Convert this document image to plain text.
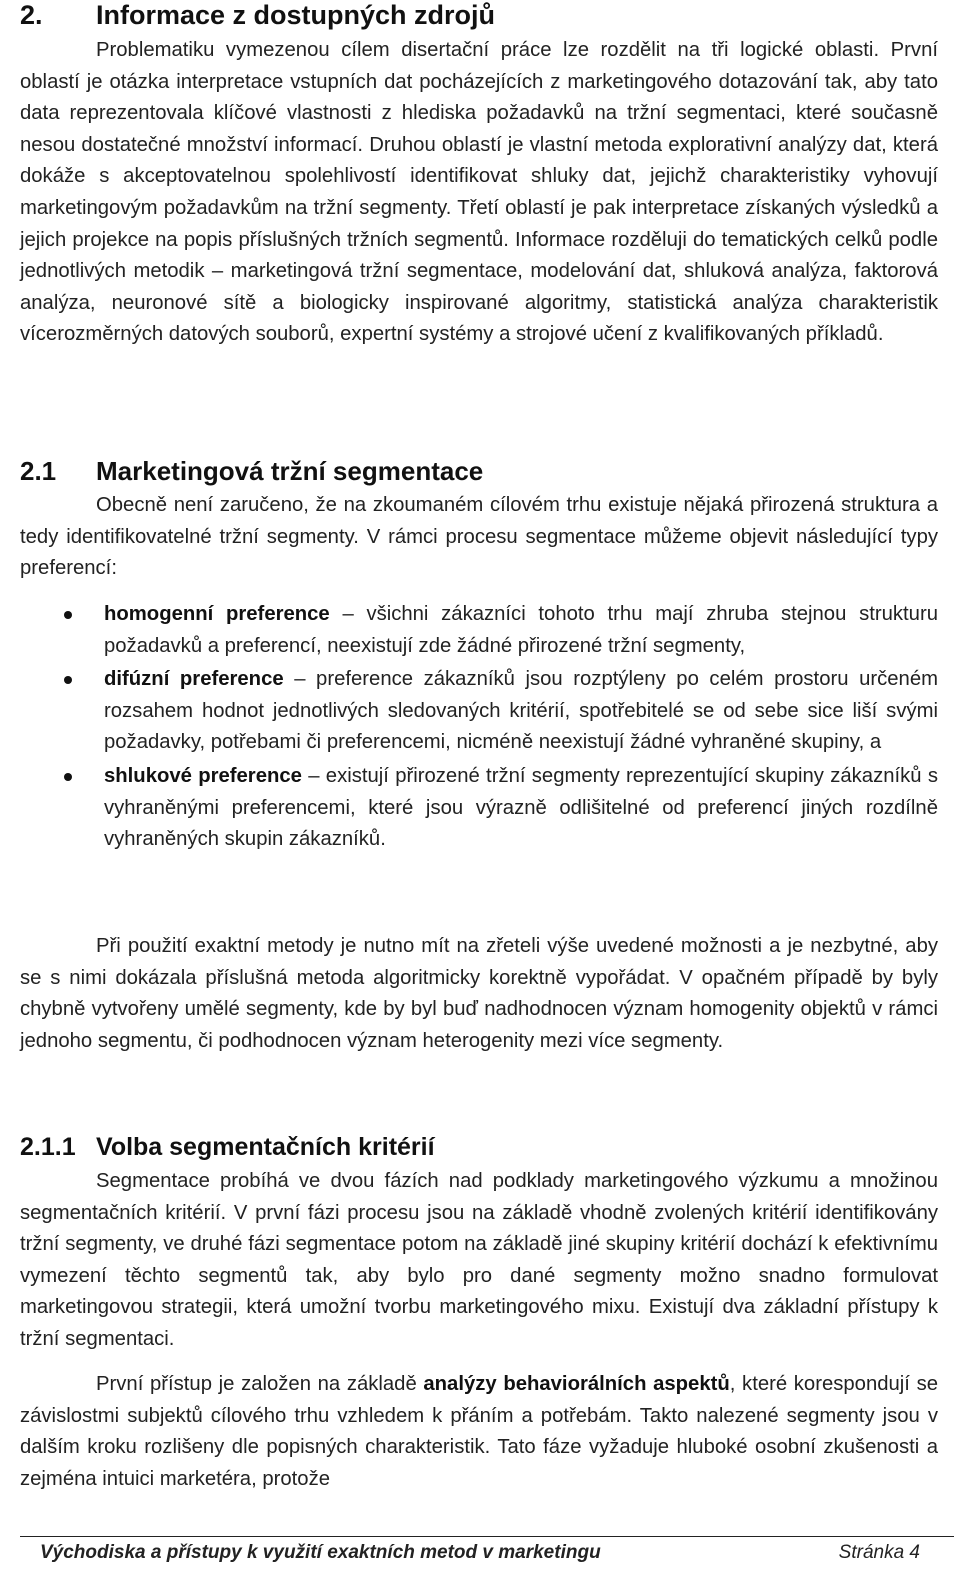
2. Informace z dostupných zdrojů

Problematiku vymezenou cílem disertační práce lze rozdělit na tři logické oblasti. První oblastí je otázka interpretace vstupních dat pocházejících z marketingového dotazování tak, aby tato data reprezentovala klíčové vlastnosti z hlediska požadavků na tržní segmentaci, které současně nesou dostatečné množství informací. Druhou oblastí je vlastní metoda explorativní analýzy dat, která dokáže s akceptovatelnou spolehlivostí identifikovat shluky dat, jejichž charakteristiky vyhovují marketingovým požadavkům na tržní segmenty. Třetí oblastí je pak interpretace získaných výsledků a jejich projekce na popis příslušných tržních segmentů. Informace rozděluji do tematických celků podle jednotlivých metodik – marketingová tržní segmentace, modelování dat, shluková analýza, faktorová analýza, neuronové sítě a biologicky inspirované algoritmy, statistická analýza charakteristik vícerozměrných datových souborů, expertní systémy a strojové učení z kvalifikovaných příkladů.

2.1 Marketingová tržní segmentace

Obecně není zaručeno, že na zkoumaném cílovém trhu existuje nějaká přirozená struktura a tedy identifikovatelné tržní segmenty. V rámci procesu segmentace můžeme objevit následující typy preferencí:

homogenní preference – všichni zákazníci tohoto trhu mají zhruba stejnou strukturu požadavků a preferencí, neexistují zde žádné přirozené tržní segmenty,
difúzní preference – preference zákazníků jsou rozptýleny po celém prostoru určeném rozsahem hodnot jednotlivých sledovaných kritérií, spotřebitelé se od sebe sice liší svými požadavky, potřebami či preferencemi, nicméně neexistují žádné vyhraněné skupiny, a
shlukové preference – existují přirozené tržní segmenty reprezentující skupiny zákazníků s vyhraněnými preferencemi, které jsou výrazně odlišitelné od preferencí jiných rozdílně vyhraněných skupin zákazníků.

Při použití exaktní metody je nutno mít na zřeteli výše uvedené možnosti a je nezbytné, aby se s nimi dokázala příslušná metoda algoritmicky korektně vypořádat. V opačném případě by byly chybně vytvořeny umělé segmenty, kde by byl buď nadhodnocen význam homogenity objektů v rámci jednoho segmentu, či podhodnocen význam heterogenity mezi více segmenty.

2.1.1 Volba segmentačních kritérií

Segmentace probíhá ve dvou fázích nad podklady marketingového výzkumu a množinou segmentačních kritérií. V první fázi procesu jsou na základě vhodně zvolených kritérií identifikovány tržní segmenty, ve druhé fázi segmentace potom na základě jiné skupiny kritérií dochází k efektivnímu vymezení těchto segmentů tak, aby bylo pro dané segmenty možno snadno formulovat marketingovou strategii, která umožní tvorbu marketingového mixu. Existují dva základní přístupy k tržní segmentaci.

První přístup je založen na základě analýzy behaviorálních aspektů, které korespondují se závislostmi subjektů cílového trhu vzhledem k přáním a potřebám. Takto nalezené segmenty jsou v dalším kroku rozlišeny dle popisných charakteristik. Tato fáze vyžaduje hluboké osobní zkušenosti a zejména intuici marketéra, protože

Východiska a přístupy k využití exaktních metod v marketingu	Stránka 4
